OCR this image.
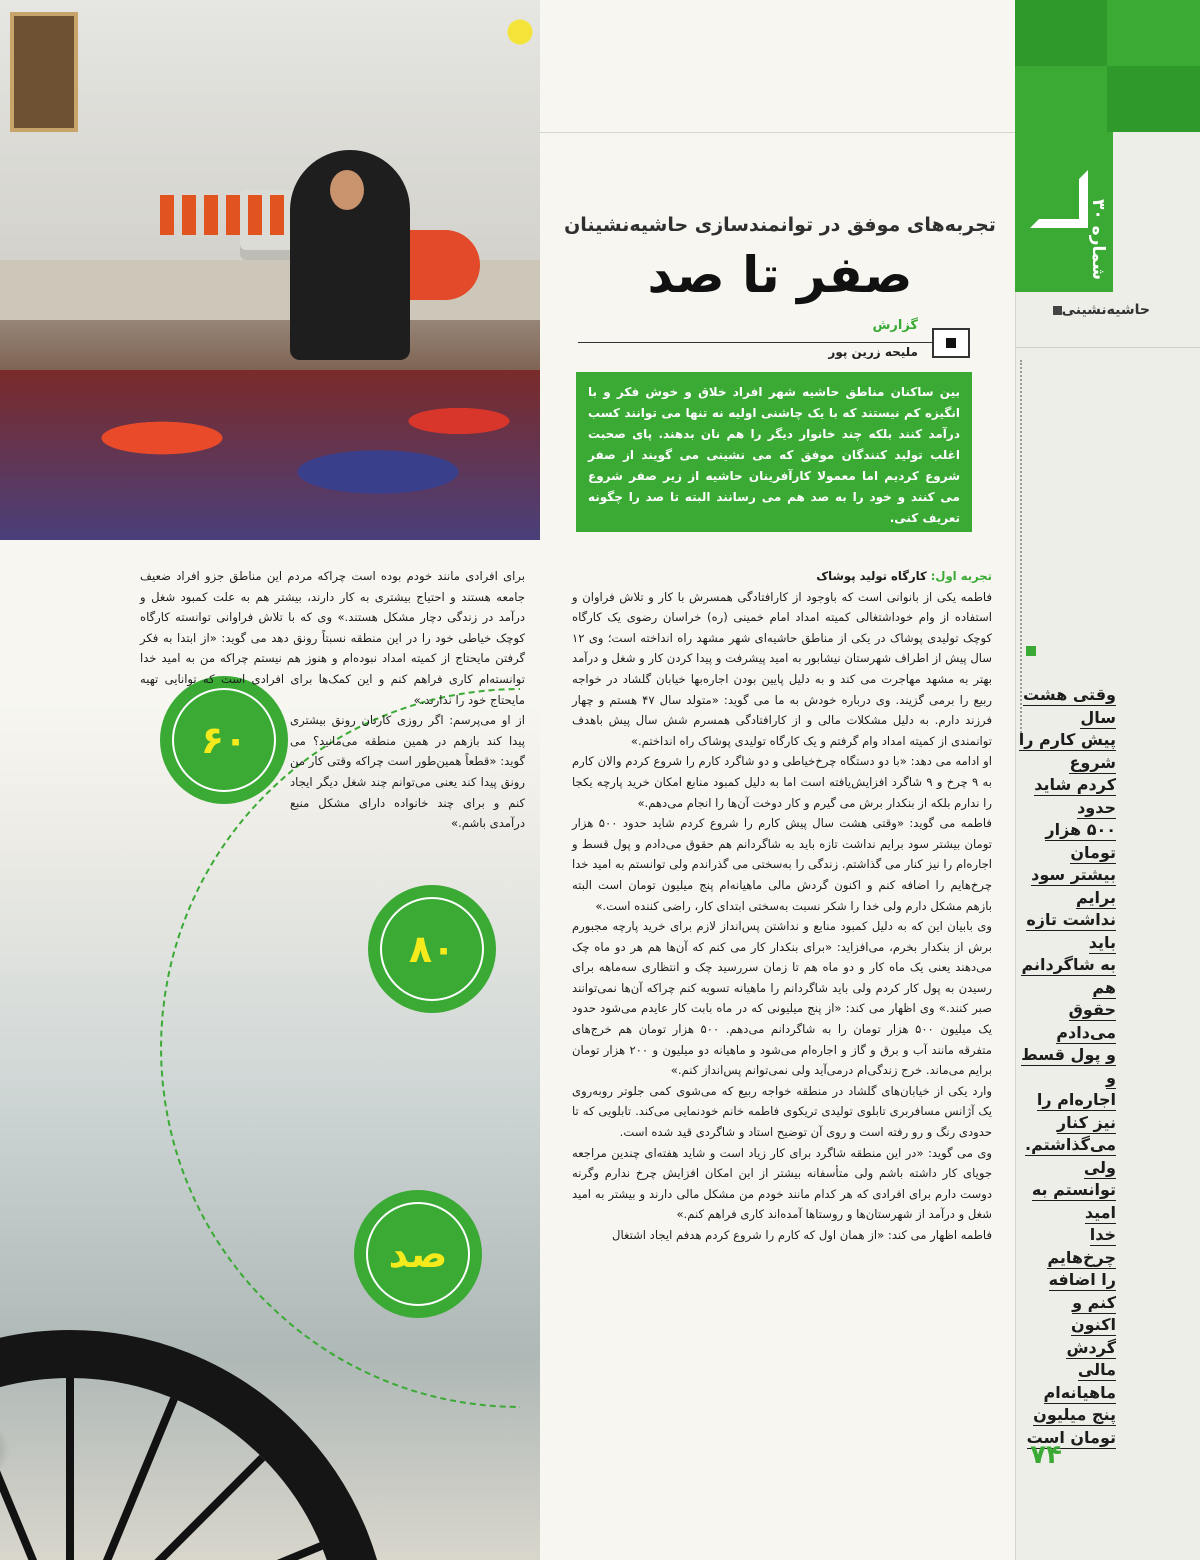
شماره ۳۰
حاشیه‌نشینی
وقتی هشت سال
پیش کارم را شروع
کردم شاید حدود
۵۰۰ هزار تومان
بیشتر سود برایم
نداشت تازه باید
به شاگردانم هم
حقوق می‌دادم
و پول قسط و
اجاره‌ام را نیز کنار
می‌گذاشتم. ولی
توانستم به امید
خدا چرخ‌هایم
را اضافه کنم و
اکنون گردش
مالی ماهیانه‌ام
پنج میلیون
تومان است
۷۴
۶۰
۸۰
صد
تجربه‌های موفق در توانمندسازی حاشیه‌نشینان
صفر تا صد
گزارش
ملیحه زرین پور
بین ساکنان مناطق حاشیه شهر افراد خلاق و خوش فکر و با انگیزه کم نیستند که با یک چاشنی اولیه نه تنها می توانند کسب درآمد کنند بلکه چند خانوار دیگر را هم نان بدهند. پای صحبت اغلب تولید کنندگان موفق که می نشینی می گویند از صفر شروع کردیم اما معمولا کارآفرینان حاشیه از زیر صفر شروع می کنند و خود را به صد هم می رسانند البته تا صد را چگونه تعریف کنی.

تجربه اول: کارگاه تولید پوشاک

فاطمه یکی از بانوانی است که باوجود از کارافتادگی همسرش با کار و تلاش فراوان و استفاده از وام خوداشتغالی کمیته امداد امام خمینی (ره) خراسان رضوی یک کارگاه کوچک تولیدی پوشاک در یکی از مناطق حاشیه‌ای شهر مشهد راه انداخته است؛ وی ۱۲ سال پیش از اطراف شهرستان نیشابور به امید پیشرفت و پیدا کردن کار و شغل و درآمد بهتر به مشهد مهاجرت می کند و به دلیل پایین بودن اجاره‌بها خیابان گلشاد در خواجه ربیع را برمی گزیند. وی درباره خودش به ما می گوید: «متولد سال ۴۷ هستم و چهار فرزند دارم. به دلیل مشکلات مالی و از کارافتادگی همسرم شش سال پیش باهدف توانمندی از کمیته امداد وام گرفتم و یک کارگاه تولیدی پوشاک راه انداختم.»

او ادامه می دهد: «با دو دستگاه چرخ‌خیاطی و دو شاگرد کارم را شروع کردم والان کارم به ۹ چرخ و ۹ شاگرد افزایش‌یافته است اما به دلیل کمبود منابع امکان خرید پارچه یکجا را ندارم بلکه از بنکدار برش می گیرم و کار دوخت آن‌ها را انجام می‌دهم.»

فاطمه می گوید: «وقتی هشت سال پیش کارم را شروع کردم شاید حدود ۵۰۰ هزار تومان بیشتر سود برایم نداشت تازه باید به شاگردانم هم حقوق می‌دادم و پول قسط و اجاره‌ام را نیز کنار می گذاشتم. زندگی را به‌سختی می گذراندم ولی توانستم به امید خدا چرخ‌هایم را اضافه کنم و اکنون گردش مالی ماهیانه‌ام پنج میلیون تومان است البته بازهم مشکل دارم ولی خدا را شکر نسبت به‌سختی ابتدای کار، راضی کننده است.»

وی بابیان این که به دلیل کمبود منابع و نداشتن پس‌انداز لازم برای خرید پارچه مجبورم برش از بنکدار بخرم، می‌افزاید: «برای بنکدار کار می کنم که آن‌ها هم هر دو ماه چک می‌دهند یعنی یک ماه کار و دو ماه هم تا زمان سررسید چک و انتظاری سه‌ماهه برای رسیدن به پول کار کردم ولی باید شاگردانم را ماهیانه تسویه کنم چراکه آن‌ها نمی‌توانند صبر کنند.» وی اظهار می کند: «از پنج میلیونی که در ماه بابت کار عایدم می‌شود حدود یک میلیون ۵۰۰ هزار تومان را به شاگردانم می‌دهم. ۵۰۰ هزار تومان هم خرج‌های متفرقه مانند آب و برق و گاز و اجاره‌ام می‌شود و ماهیانه دو میلیون و ۲۰۰ هزار تومان برایم می‌ماند. خرج زندگی‌ام درمی‌آید ولی نمی‌توانم پس‌انداز کنم.»

وارد یکی از خیابان‌های گلشاد در منطقه خواجه ربیع که می‌شوی کمی جلوتر روبه‌روی یک آژانس مسافربری تابلوی تولیدی تریکوی فاطمه خانم خودنمایی می‌کند. تابلویی که تا حدودی رنگ و رو رفته است و روی آن توضیح استاد و شاگردی قید شده است.

وی می گوید: «در این منطقه شاگرد برای کار زیاد است و شاید هفته‌ای چندین مراجعه جویای کار داشته باشم ولی متأسفانه بیشتر از این امکان افزایش چرخ ندارم وگرنه دوست دارم برای افرادی که هر کدام مانند خودم من مشکل مالی دارند و بیشتر به امید شغل و درآمد از شهرستان‌ها و روستاها آمده‌اند کاری فراهم کنم.»

فاطمه اظهار می کند: «از همان اول که کارم را شروع کردم هدفم ایجاد اشتغال

برای افرادی مانند خودم بوده است چراکه مردم این مناطق جزو افراد ضعیف جامعه هستند و احتیاج بیشتری به کار دارند، بیشتر هم به علت کمبود شغل و درآمد در زندگی دچار مشکل هستند.» وی که با تلاش فراوانی توانسته کارگاه کوچک خیاطی خود را در این منطقه نسبتاً رونق دهد می گوید: «از ابتدا به فکر گرفتن مایحتاج از کمیته امداد نبوده‌ام و هنوز هم نیستم چراکه من به امید خدا توانسته‌ام کاری فراهم کنم و این کمک‌ها برای افرادی است که توانایی تهیه مایحتاج خود را ندارند.»

از او می‌پرسم: اگر روزی کارتان رونق بیشتری پیدا کند بازهم در همین منطقه می‌مانید؟ می گوید: «قطعاً همین‌طور است چراکه وقتی کار من رونق پیدا کند یعنی می‌توانم چند شغل دیگر ایجاد کنم و برای چند خانواده دارای مشکل منبع درآمدی باشم.»
